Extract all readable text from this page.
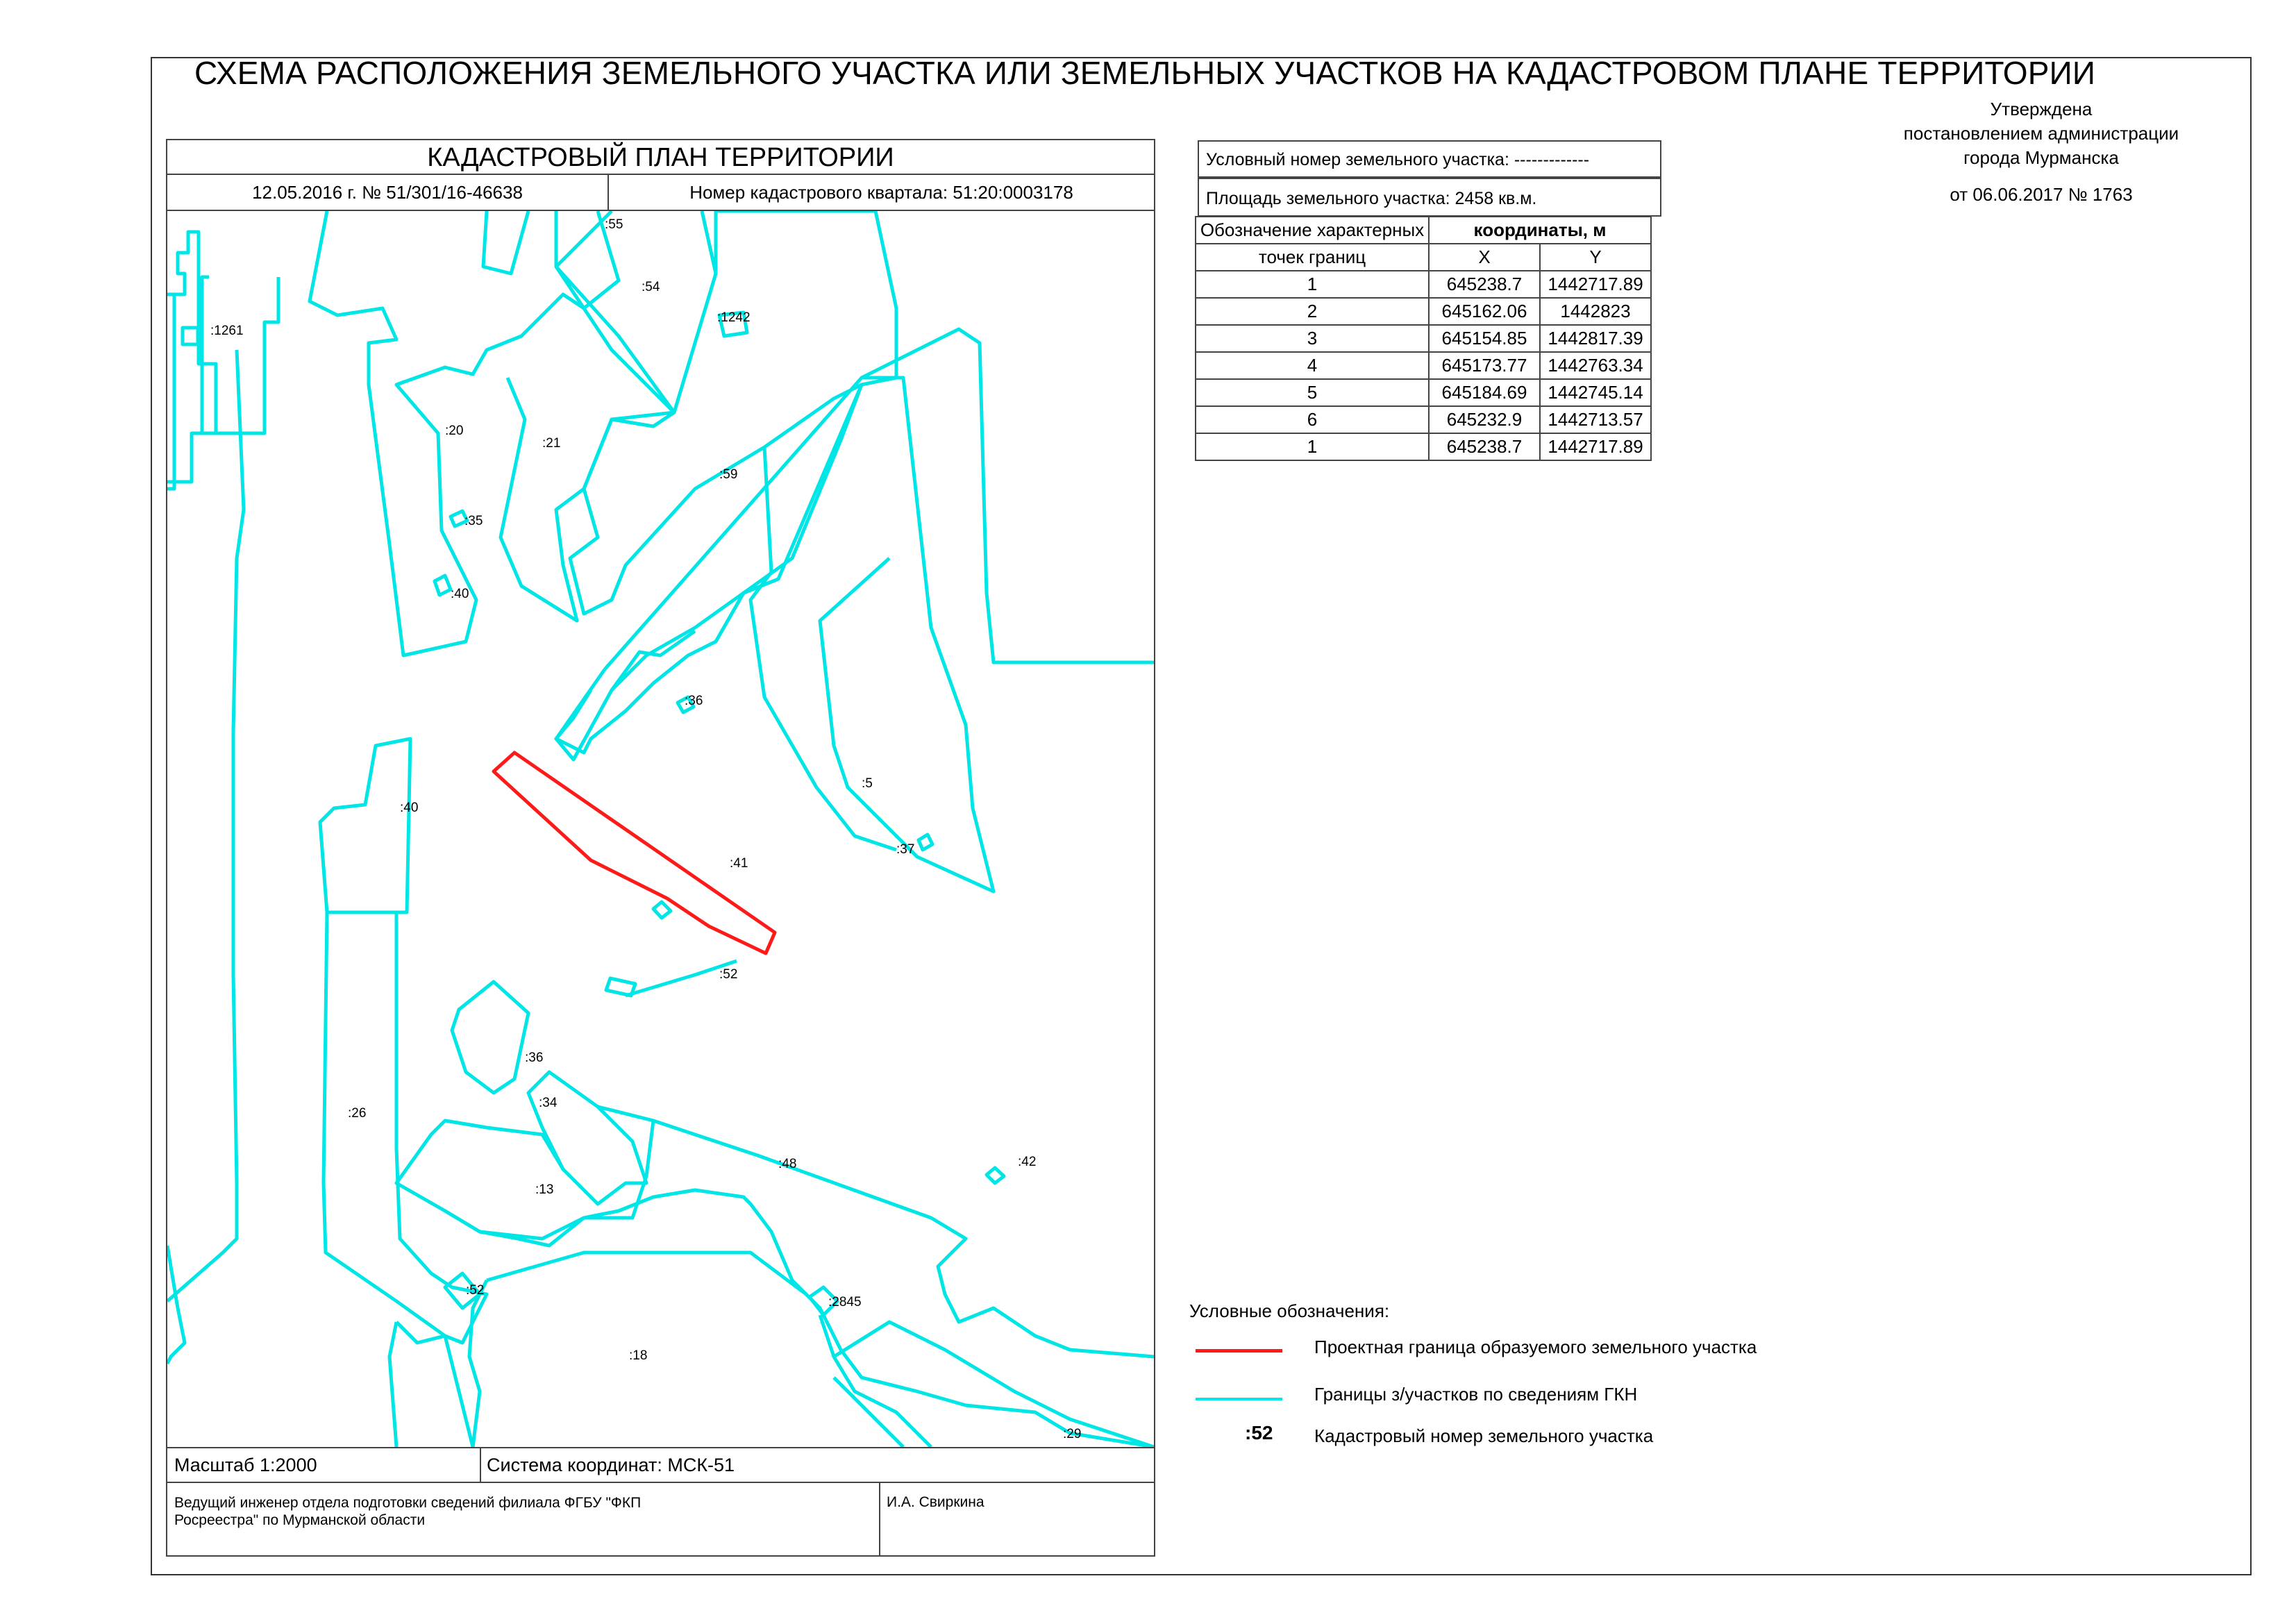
СХЕМА РАСПОЛОЖЕНИЯ ЗЕМЕЛЬНОГО УЧАСТКА ИЛИ ЗЕМЕЛЬНЫХ УЧАСТКОВ НА КАДАСТРОВОМ ПЛАНЕ ТЕРРИТОРИИ
Утверждена
постановлением администрации
города Мурманска
от 06.06.2017 № 1763
КАДАСТРОВЫЙ ПЛАН ТЕРРИТОРИИ
12.05.2016 г. № 51/301/16-46638	Номер кадастрового квартала: 51:20:0003178
:55
:1261
:54
:1242
:20
:21
:59
:35
:40
:36
:5
:40
:41
:37
:52
:36
:34
:42
:26
:48
:13
:52
:2845
:18
:29
Масштаб 1:2000	Система координат: МСК-51
Ведущий инженер отдела подготовки сведений филиала ФГБУ "ФКП
Росреестра" по Мурманской области
И.А. Свиркина
Условный номер земельного участка: -------------
Площадь земельного участка: 2458 кв.м.
Обозначение характерных	координаты, м	
точек границ	X	Y
1	645238.7	1442717.89
2	645162.06	1442823
3	645154.85	1442817.39
4	645173.77	1442763.34
5	645184.69	1442745.14
6	645232.9	1442713.57
1	645238.7	1442717.89
Условные обозначения:
Проектная граница образуемого земельного участка
Границы з/участков по сведениям ГКН
:52 Кадастровый номер земельного участка
